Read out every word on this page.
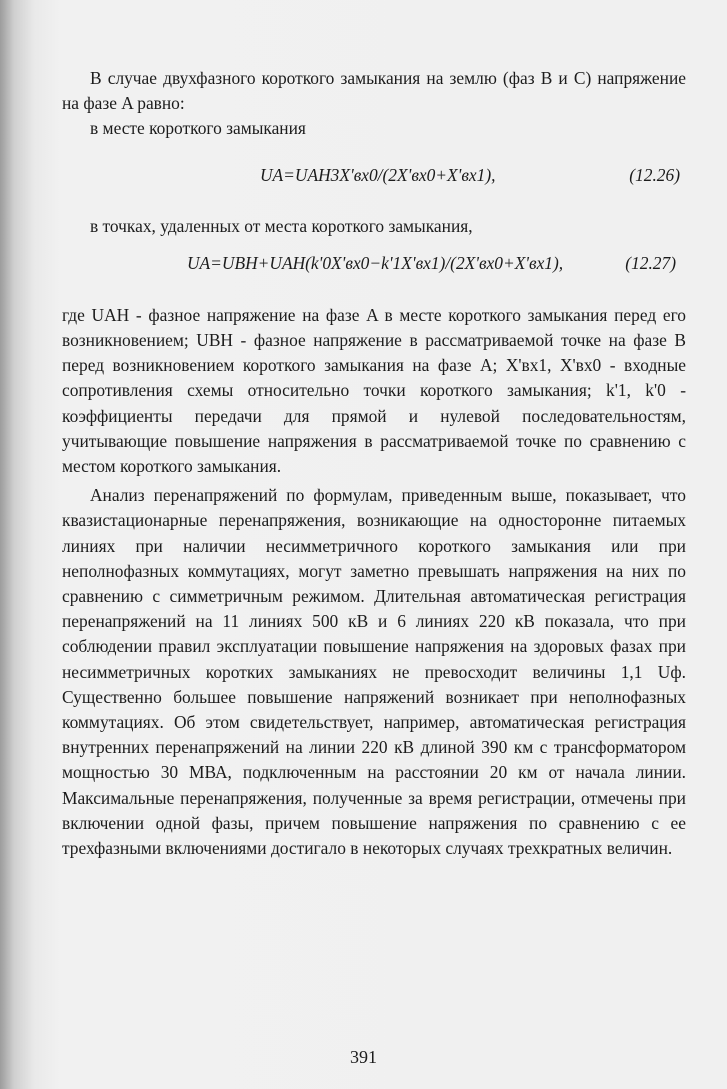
В случае двухфазного короткого замыкания на землю (фаз B и C) напряжение на фазе A равно:

в месте короткого замыкания

UA=UAH3X'вх0/(2X'вх0+X'вх1),	(12.26)

в точках, удаленных от места короткого замыкания,

UA=UBH+UAH(k'0X'вх0−k'1X'вх1)/(2X'вх0+X'вх1),	(12.27)

где UАН - фазное напряжение на фазе A в месте короткого замыкания перед его возникновением; UВН - фазное напряжение в рассматриваемой точке на фазе B перед возникновением короткого замыкания на фазе A; X'вх1, X'вх0 - входные сопротивления схемы относительно точки короткого замыкания; k'1, k'0 - коэффициенты передачи для прямой и нулевой последовательностям, учитывающие повышение напряжения в рассматриваемой точке по сравнению с местом короткого замыкания.

Анализ перенапряжений по формулам, приведенным выше, показывает, что квазистационарные перенапряжения, возникающие на односторонне питаемых линиях при наличии несимметричного короткого замыкания или при неполнофазных коммутациях, могут заметно превышать напряжения на них по сравнению с симметричным режимом. Длительная автоматическая регистрация перенапряжений на 11 линиях 500 кВ и 6 линиях 220 кВ показала, что при соблюдении правил эксплуатации повышение напряжения на здоровых фазах при несимметричных коротких замыканиях не превосходит величины 1,1 Uф. Существенно большее повышение напряжений возникает при неполнофазных коммутациях. Об этом свидетельствует, например, автоматическая регистрация внутренних перенапряжений на линии 220 кВ длиной 390 км с трансформатором мощностью 30 МВА, подключенным на расстоянии 20 км от начала линии. Максимальные перенапряжения, полученные за время регистрации, отмечены при включении одной фазы, причем повышение напряжения по сравнению с ее трехфазными включениями достигало в некоторых случаях трехкратных величин.

391
